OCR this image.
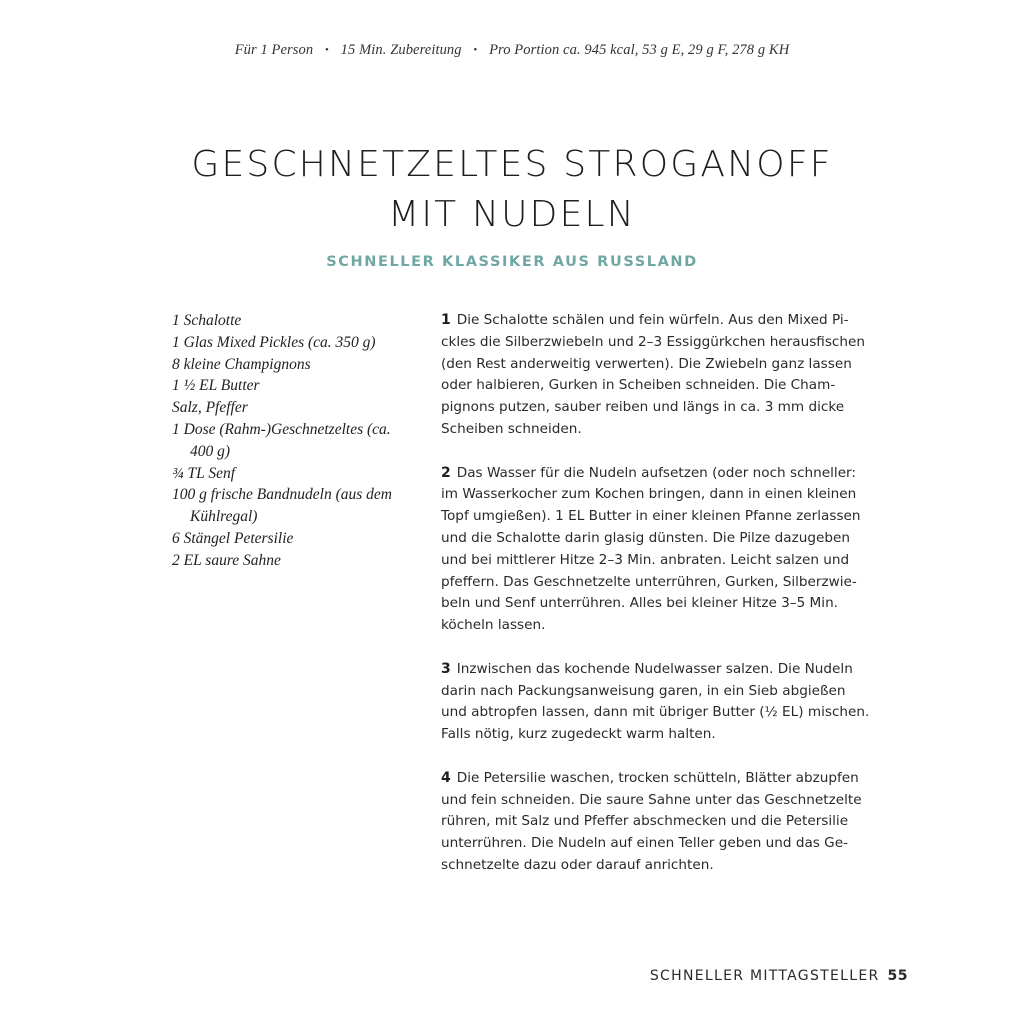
Für 1 Person • 15 Min. Zubereitung • Pro Portion ca. 945 kcal, 53 g E, 29 g F, 278 g KH
GESCHNETZELTES STROGANOFF
MIT NUDELN
SCHNELLER KLASSIKER AUS RUSSLAND
1 Schalotte
1 Glas Mixed Pickles (ca. 350 g)
8 kleine Champignons
1 ½ EL Butter
Salz, Pfeffer
1 Dose (Rahm-)Geschnetzeltes (ca. 400 g)
¾ TL Senf
100 g frische Bandnudeln (aus dem Kühlregal)
6 Stängel Petersilie
2 EL saure Sahne

1 Die Schalotte schälen und fein würfeln. Aus den Mixed Pi-
ckles die Silberzwiebeln und 2–3 Essiggürkchen herausfischen
(den Rest anderweitig verwerten). Die Zwiebeln ganz lassen
oder halbieren, Gurken in Scheiben schneiden. Die Cham-
pignons putzen, sauber reiben und längs in ca. 3 mm dicke
Scheiben schneiden.

2 Das Wasser für die Nudeln aufsetzen (oder noch schneller:
im Wasserkocher zum Kochen bringen, dann in einen kleinen
Topf umgießen). 1 EL Butter in einer kleinen Pfanne zerlassen
und die Schalotte darin glasig dünsten. Die Pilze dazugeben
und bei mittlerer Hitze 2–3 Min. anbraten. Leicht salzen und
pfeffern. Das Geschnetzelte unterrühren, Gurken, Silberzwie-
beln und Senf unterrühren. Alles bei kleiner Hitze 3–5 Min.
köcheln lassen.

3 Inzwischen das kochende Nudelwasser salzen. Die Nudeln
darin nach Packungsanweisung garen, in ein Sieb abgießen
und abtropfen lassen, dann mit übriger Butter (½ EL) mischen.
Falls nötig, kurz zugedeckt warm halten.

4 Die Petersilie waschen, trocken schütteln, Blätter abzupfen
und fein schneiden. Die saure Sahne unter das Geschnetzelte
rühren, mit Salz und Pfeffer abschmecken und die Petersilie
unterrühren. Die Nudeln auf einen Teller geben und das Ge-
schnetzelte dazu oder darauf anrichten.

SCHNELLER MITTAGSTELLER 55
